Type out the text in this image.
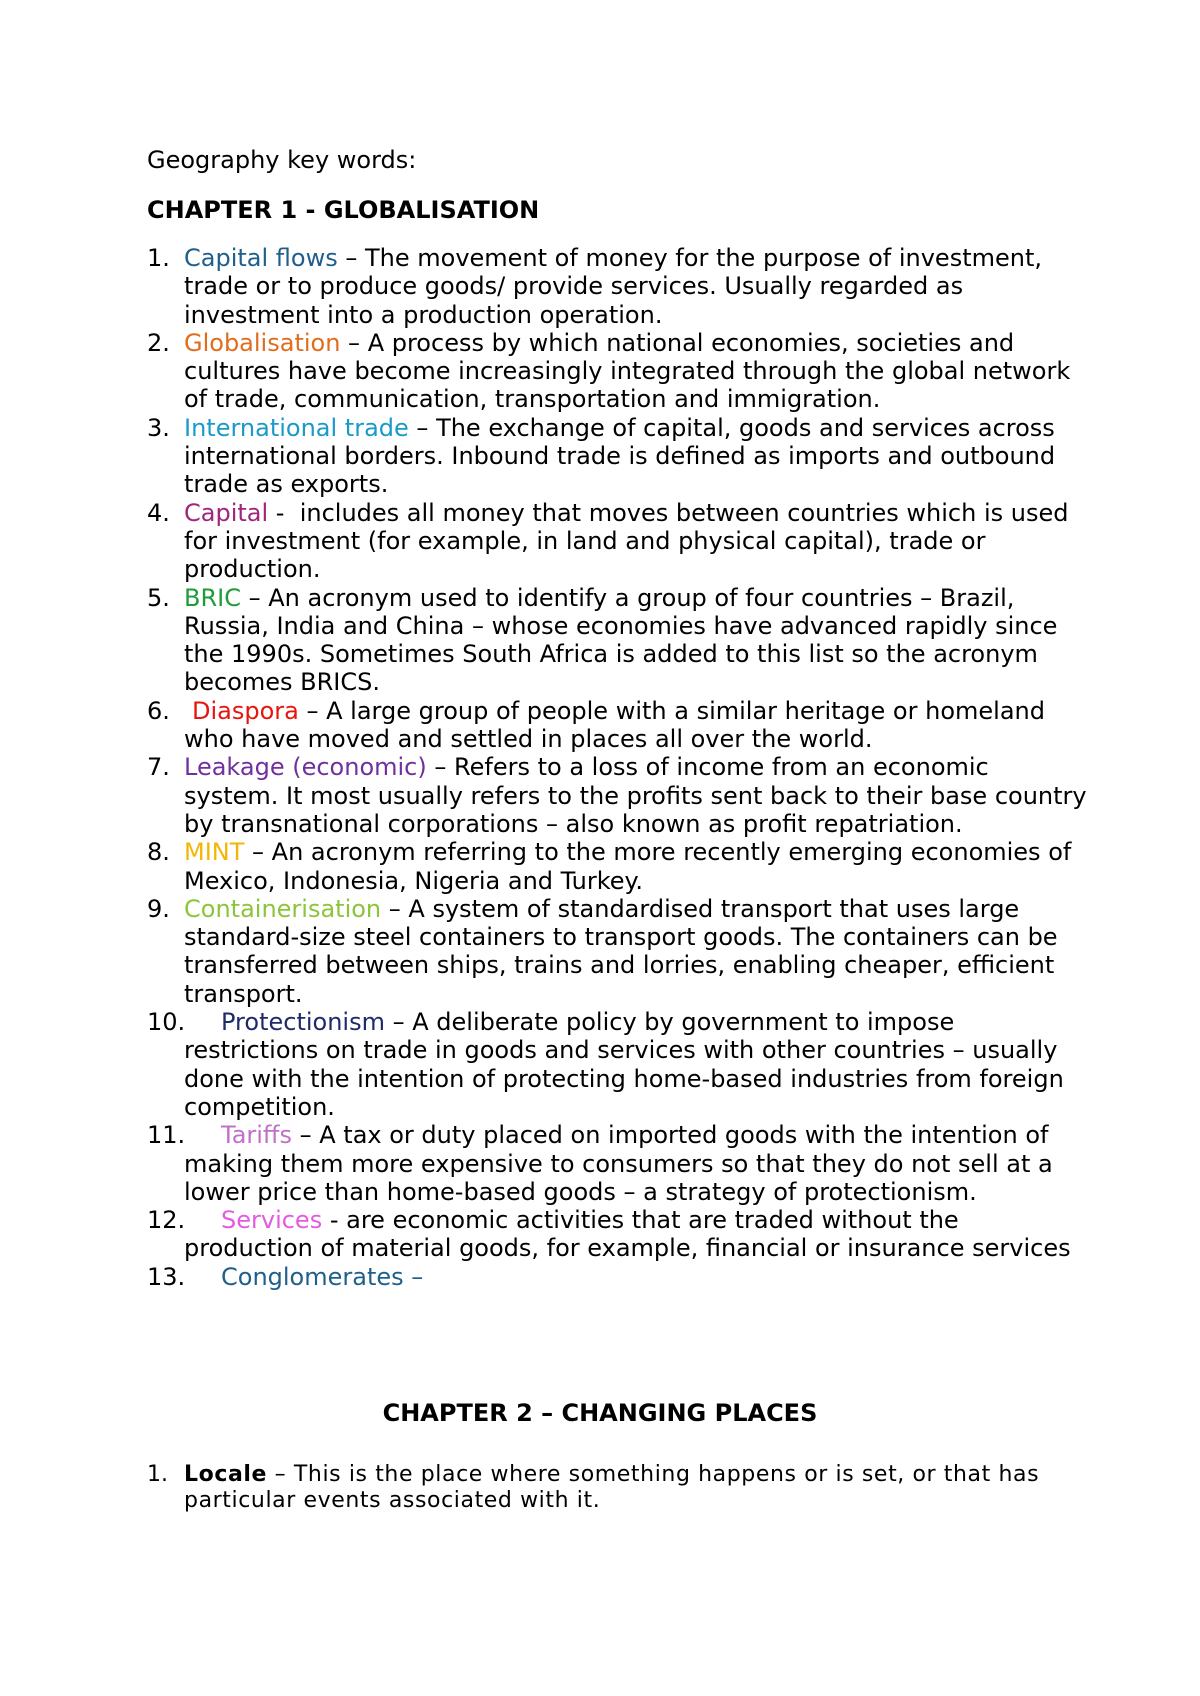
Geography key words:

CHAPTER 1 - GLOBALISATION
1. Capital flows – The movement of money for the purpose of investment, trade or to produce goods/ provide services. Usually regarded as investment into a production operation.
2. Globalisation – A process by which national economies, societies and cultures have become increasingly integrated through the global network of trade, communication, transportation and immigration.
3. International trade – The exchange of capital, goods and services across international borders. Inbound trade is defined as imports and outbound trade as exports.
4. Capital -  includes all money that moves between countries which is used for investment (for example, in land and physical capital), trade or production.
5. BRIC – An acronym used to identify a group of four countries – Brazil, Russia, India and China – whose economies have advanced rapidly since the 1990s. Sometimes South Africa is added to this list so the acronym becomes BRICS.
6. Diaspora – A large group of people with a similar heritage or homeland who have moved and settled in places all over the world.
7. Leakage (economic) – Refers to a loss of income from an economic system. It most usually refers to the profits sent back to their base country by transnational corporations – also known as profit repatriation.
8. MINT – An acronym referring to the more recently emerging economies of Mexico, Indonesia, Nigeria and Turkey.
9. Containerisation – A system of standardised transport that uses large standard-size steel containers to transport goods. The containers can be transferred between ships, trains and lorries, enabling cheaper, efficient transport.
10. Protectionism – A deliberate policy by government to impose restrictions on trade in goods and services with other countries – usually done with the intention of protecting home-based industries from foreign competition.
11. Tariffs – A tax or duty placed on imported goods with the intention of making them more expensive to consumers so that they do not sell at a lower price than home-based goods – a strategy of protectionism.
12. Services - are economic activities that are traded without the production of material goods, for example, financial or insurance services
13. Conglomerates –
CHAPTER 2 – CHANGING PLACES
1. Locale – This is the place where something happens or is set, or that has particular events associated with it.
